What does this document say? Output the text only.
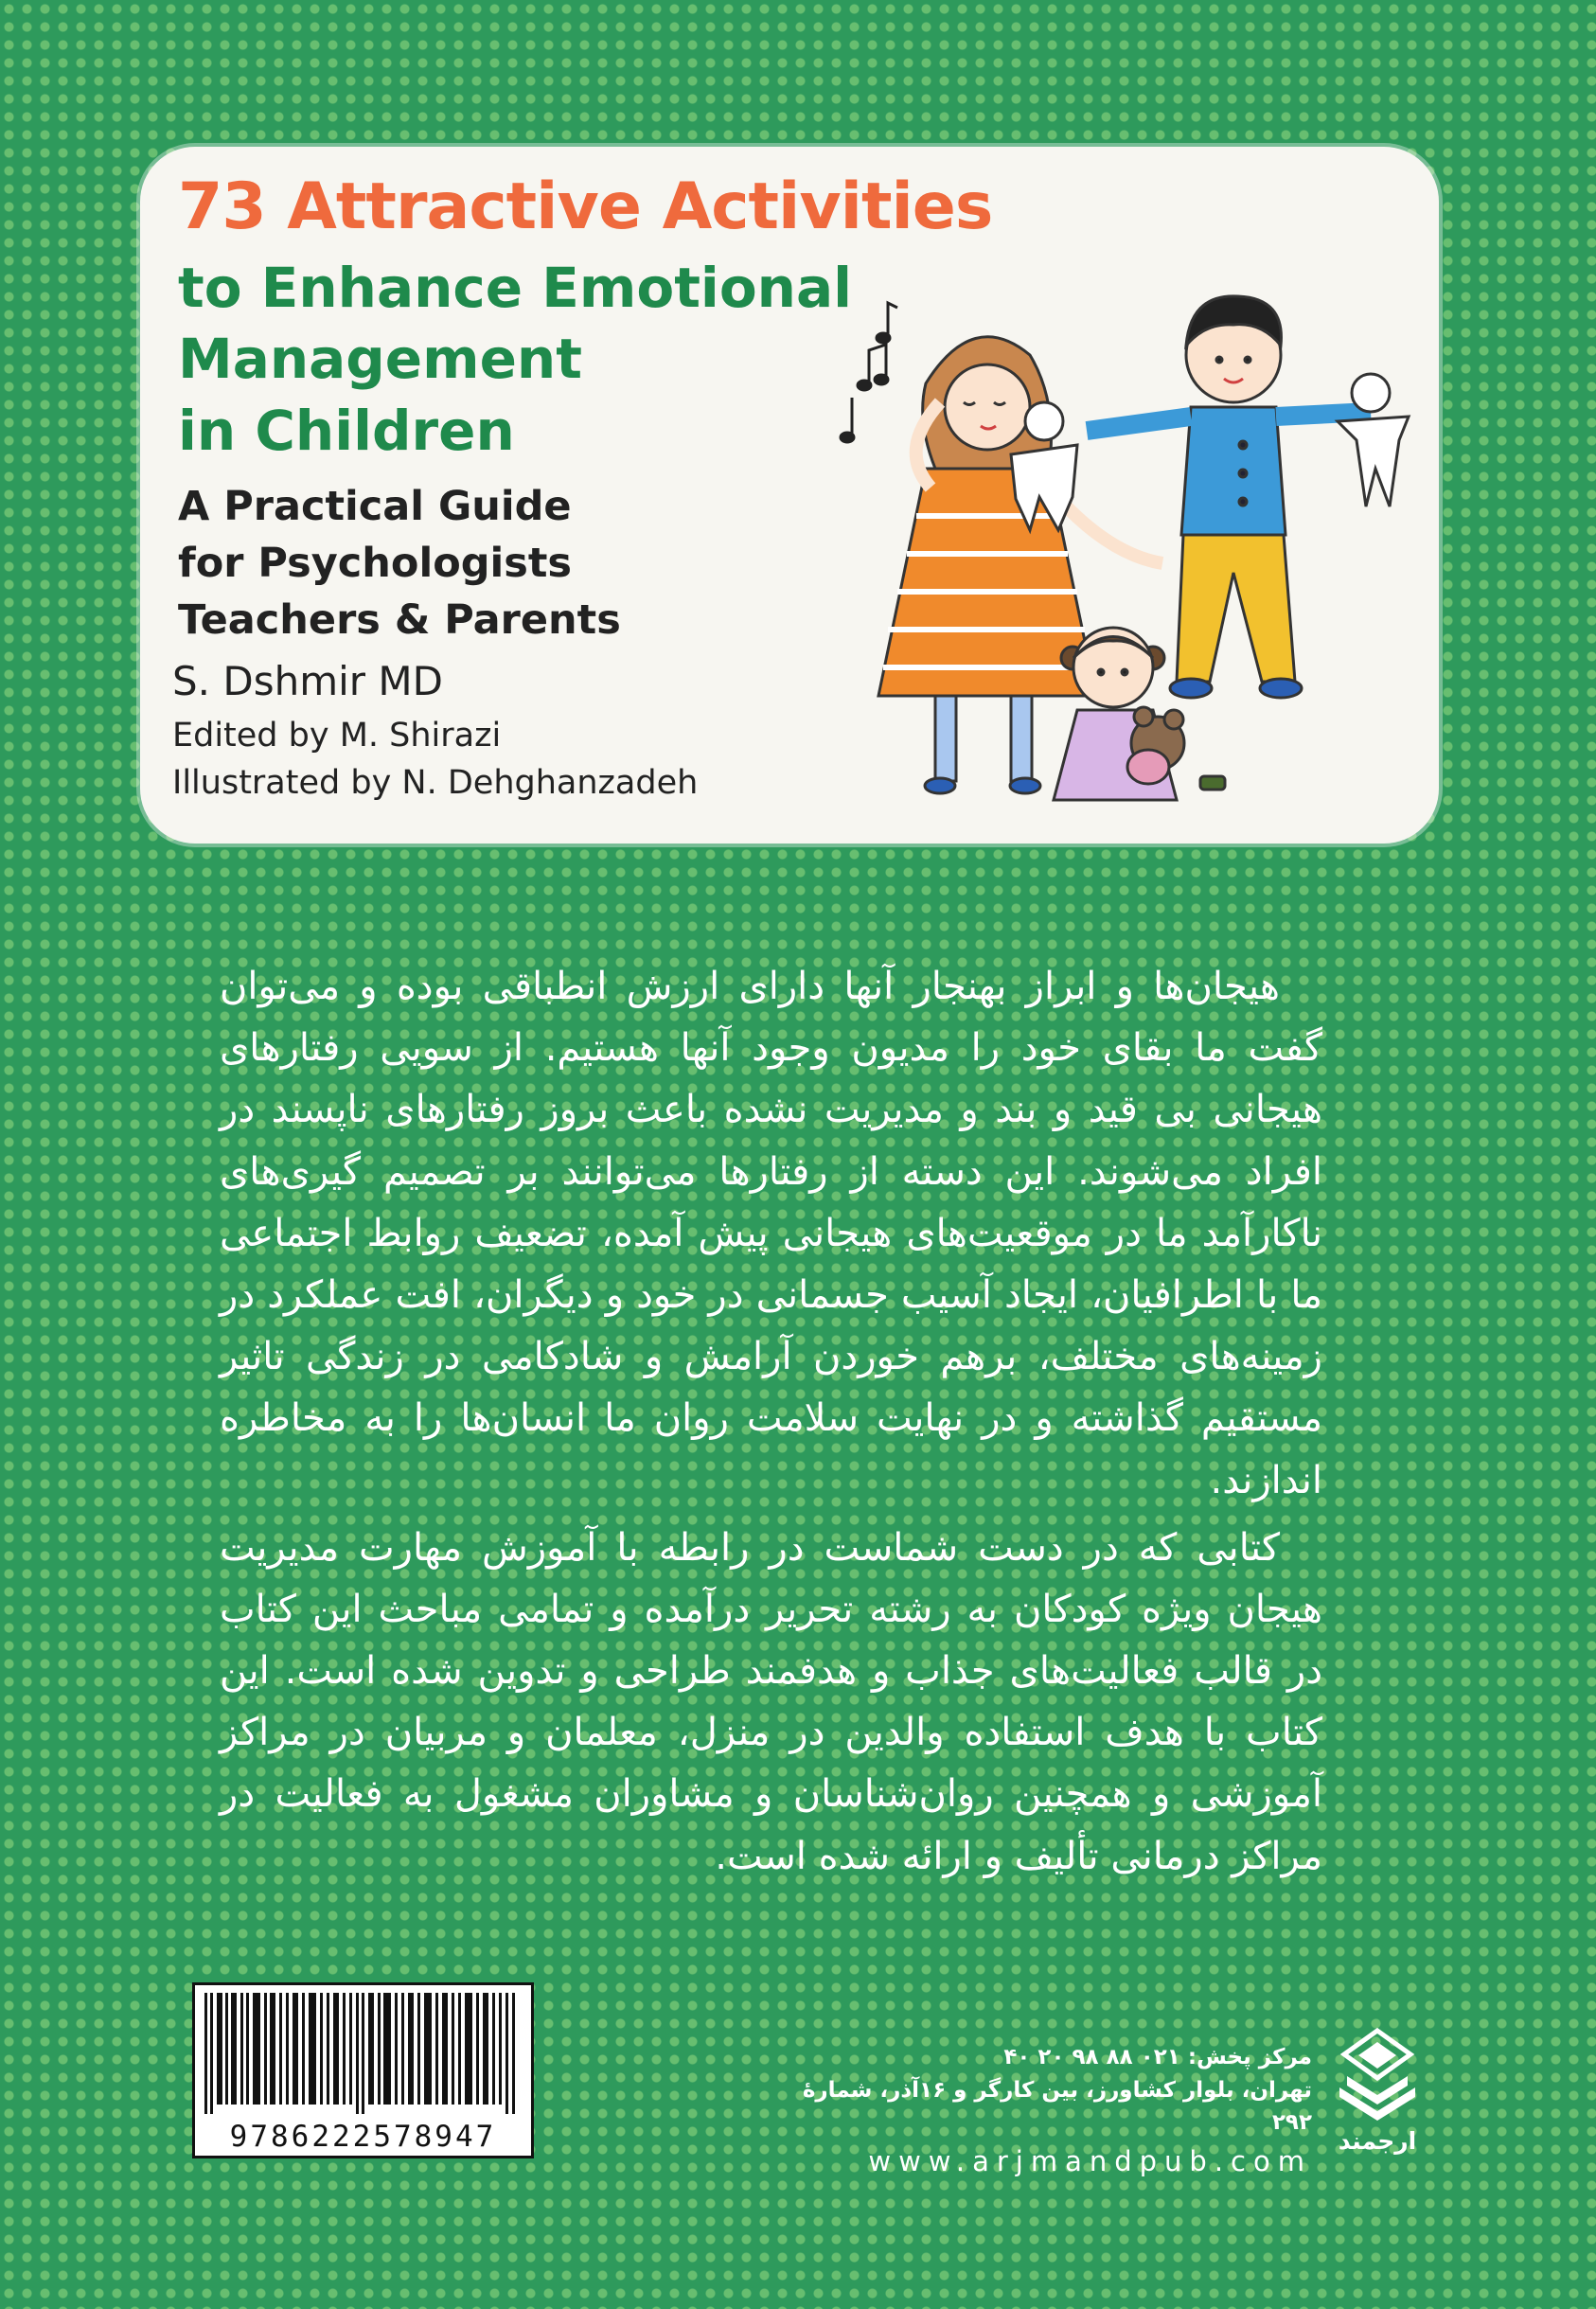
73 Attractive Activities
to Enhance Emotional
Management
in Children
A Practical Guide
for Psychologists
Teachers & Parents
S. Dshmir MD
Edited by M. Shirazi
Illustrated by N. Dehghanzadeh

هیجان‌ها و ابراز بهنجار آنها دارای ارزش انطباقی بوده و می‌توان گفت ما بقای خود را مدیون وجود آنها هستیم. از سویی رفتارهای هیجانی بی قید و بند و مدیریت نشده باعث بروز رفتارهای ناپسند در افراد می‌شوند. این دسته از رفتارها می‌توانند بر تصمیم گیری‌های ناکارآمد ما در موقعیت‌های هیجانی پیش آمده، تضعیف روابط اجتماعی ما با اطرافیان، ایجاد آسیب جسمانی در خود و دیگران، افت عملکرد در زمینه‌های مختلف، برهم خوردن آرامش و شادکامی در زندگی تاثیر مستقیم گذاشته و در نهایت سلامت روان ما انسان‌ها را به مخاطره اندازند.

کتابی که در دست شماست در رابطه با آموزش مهارت مدیریت هیجان ویژه کودکان به رشته تحریر درآمده و تمامی مباحث این کتاب در قالب فعالیت‌های جذاب و هدفمند طراحی و تدوین شده است. این کتاب با هدف استفاده والدین در منزل، معلمان و مربیان در مراکز آموزشی و همچنین روان‌شناسان و مشاوران مشغول به فعالیت در مراکز درمانی تألیف و ارائه شده است.

9786222578947
مرکز پخش: ۰۲۱ ۸۸ ۹۸ ۲۰ ۴۰
تهران، بلوار کشاورز، بین کارگر و ۱۶آذر، شمارۀ ۲۹۲
www.arjmandpub.com
ارجمند
